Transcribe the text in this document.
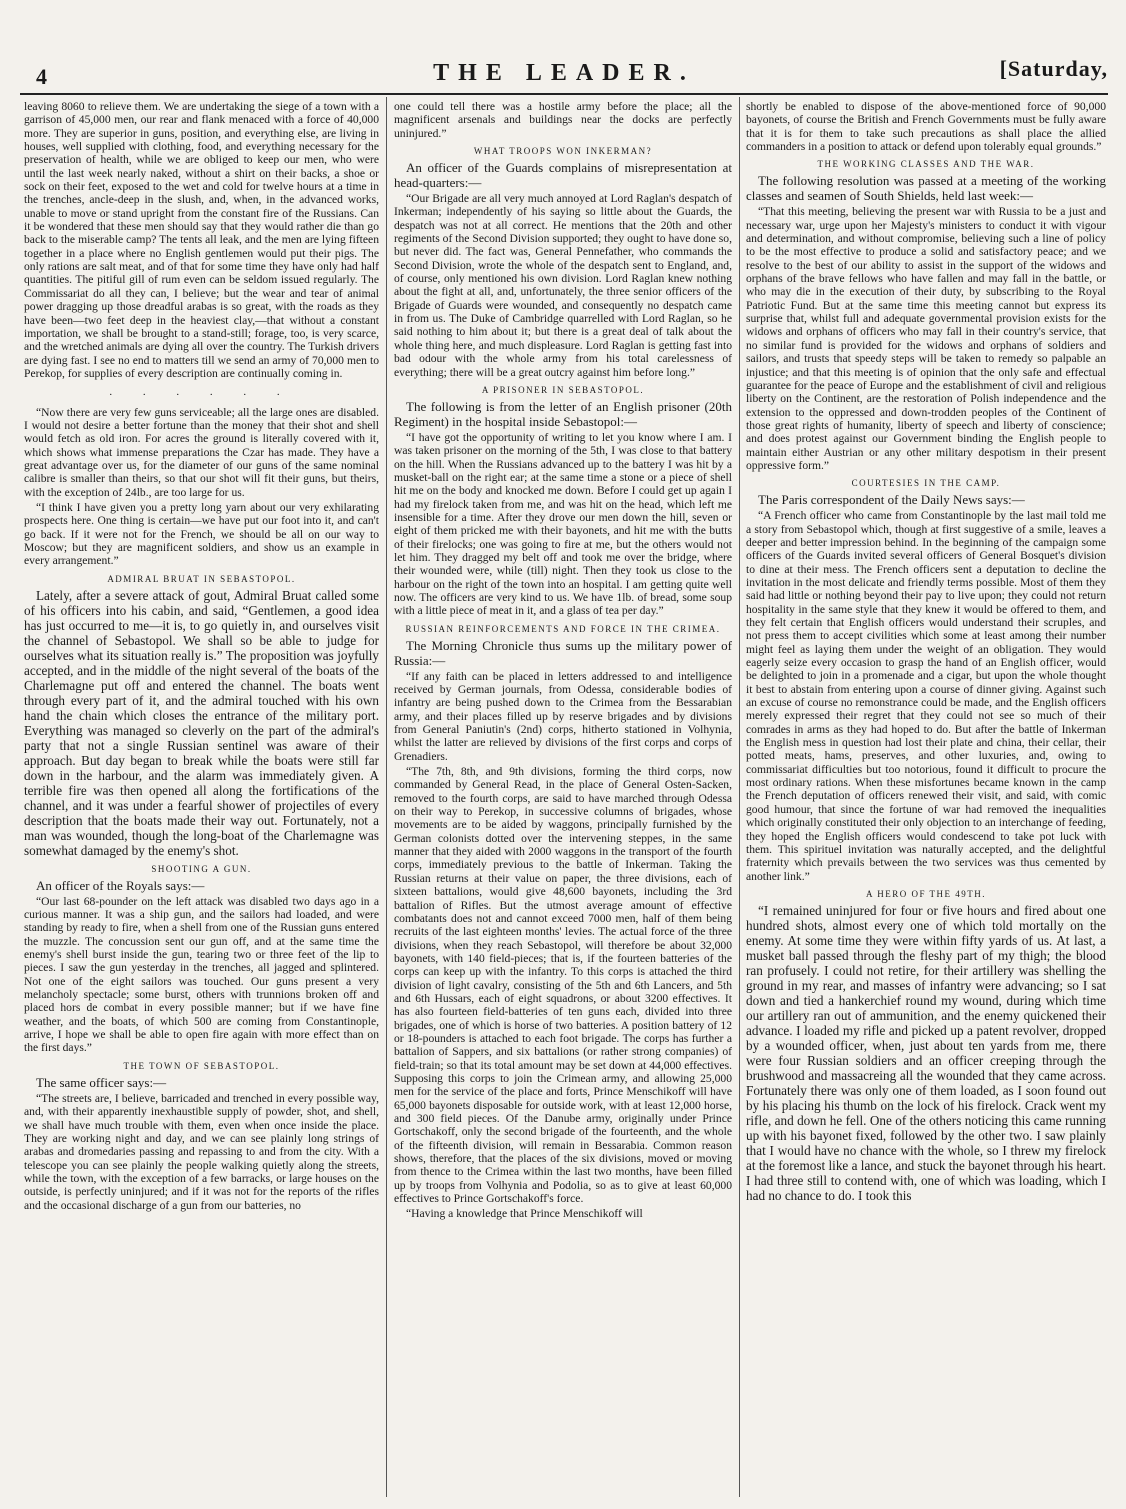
4	THE LEADER.	[Saturday,

leaving 8060 to relieve them. We are undertaking the siege of a town with a garrison of 45,000 men, our rear and flank menaced with a force of 40,000 more. They are superior in guns, position, and everything else, are living in houses, well supplied with clothing, food, and everything necessary for the preservation of health, while we are obliged to keep our men, who were until the last week nearly naked, without a shirt on their backs, a shoe or sock on their feet, exposed to the wet and cold for twelve hours at a time in the trenches, ancle-deep in the slush, and, when, in the advanced works, unable to move or stand upright from the constant fire of the Russians. Can it be wondered that these men should say that they would rather die than go back to the miserable camp? The tents all leak, and the men are lying fifteen together in a place where no English gentlemen would put their pigs. The only rations are salt meat, and of that for some time they have only had half quantities. The pitiful gill of rum even can be seldom issued regularly. The Commissariat do all they can, I believe; but the wear and tear of animal power dragging up those dreadful arabas is so great, with the roads as they have been—two feet deep in the heaviest clay,—that without a constant importation, we shall be brought to a stand-still; forage, too, is very scarce, and the wretched animals are dying all over the country. The Turkish drivers are dying fast. I see no end to matters till we send an army of 70,000 men to Perekop, for supplies of every description are continually coming in.

. . . . . .

“Now there are very few guns serviceable; all the large ones are disabled. I would not desire a better fortune than the money that their shot and shell would fetch as old iron. For acres the ground is literally covered with it, which shows what immense preparations the Czar has made. They have a great advantage over us, for the diameter of our guns of the same nominal calibre is smaller than theirs, so that our shot will fit their guns, but theirs, with the exception of 24lb., are too large for us.

“I think I have given you a pretty long yarn about our very exhilarating prospects here. One thing is certain—we have put our foot into it, and can't go back. If it were not for the French, we should be all on our way to Moscow; but they are magnificent soldiers, and show us an example in every arrangement.”

ADMIRAL BRUAT IN SEBASTOPOL.

Lately, after a severe attack of gout, Admiral Bruat called some of his officers into his cabin, and said, “Gentlemen, a good idea has just occurred to me—it is, to go quietly in, and ourselves visit the channel of Sebastopol. We shall so be able to judge for ourselves what its situation really is.” The proposition was joyfully accepted, and in the middle of the night several of the boats of the Charlemagne put off and entered the channel. The boats went through every part of it, and the admiral touched with his own hand the chain which closes the entrance of the military port. Everything was managed so cleverly on the part of the admiral's party that not a single Russian sentinel was aware of their approach. But day began to break while the boats were still far down in the harbour, and the alarm was immediately given. A terrible fire was then opened all along the fortifications of the channel, and it was under a fearful shower of projectiles of every description that the boats made their way out. Fortunately, not a man was wounded, though the long-boat of the Charlemagne was somewhat damaged by the enemy's shot.

SHOOTING A GUN.

An officer of the Royals says:—

“Our last 68-pounder on the left attack was disabled two days ago in a curious manner. It was a ship gun, and the sailors had loaded, and were standing by ready to fire, when a shell from one of the Russian guns entered the muzzle. The concussion sent our gun off, and at the same time the enemy's shell burst inside the gun, tearing two or three feet of the lip to pieces. I saw the gun yesterday in the trenches, all jagged and splintered. Not one of the eight sailors was touched. Our guns present a very melancholy spectacle; some burst, others with trunnions broken off and placed hors de combat in every possible manner; but if we have fine weather, and the boats, of which 500 are coming from Constantinople, arrive, I hope we shall be able to open fire again with more effect than on the first days.”

THE TOWN OF SEBASTOPOL.

The same officer says:—

“The streets are, I believe, barricaded and trenched in every possible way, and, with their apparently inexhaustible supply of powder, shot, and shell, we shall have much trouble with them, even when once inside the place. They are working night and day, and we can see plainly long strings of arabas and dromedaries passing and repassing to and from the city. With a telescope you can see plainly the people walking quietly along the streets, while the town, with the exception of a few barracks, or large houses on the outside, is perfectly uninjured; and if it was not for the reports of the rifles and the occasional discharge of a gun from our batteries, no

one could tell there was a hostile army before the place; all the magnificent arsenals and buildings near the docks are perfectly uninjured.”

WHAT TROOPS WON INKERMAN?

An officer of the Guards complains of misrepresentation at head-quarters:—

“Our Brigade are all very much annoyed at Lord Raglan's despatch of Inkerman; independently of his saying so little about the Guards, the despatch was not at all correct. He mentions that the 20th and other regiments of the Second Division supported; they ought to have done so, but never did. The fact was, General Pennefather, who commands the Second Division, wrote the whole of the despatch sent to England, and, of course, only mentioned his own division. Lord Raglan knew nothing about the fight at all, and, unfortunately, the three senior officers of the Brigade of Guards were wounded, and consequently no despatch came in from us. The Duke of Cambridge quarrelled with Lord Raglan, so he said nothing to him about it; but there is a great deal of talk about the whole thing here, and much displeasure. Lord Raglan is getting fast into bad odour with the whole army from his total carelessness of everything; there will be a great outcry against him before long.”

A PRISONER IN SEBASTOPOL.

The following is from the letter of an English prisoner (20th Regiment) in the hospital inside Sebastopol:—

“I have got the opportunity of writing to let you know where I am. I was taken prisoner on the morning of the 5th, I was close to that battery on the hill. When the Russians advanced up to the battery I was hit by a musket-ball on the right ear; at the same time a stone or a piece of shell hit me on the body and knocked me down. Before I could get up again I had my firelock taken from me, and was hit on the head, which left me insensible for a time. After they drove our men down the hill, seven or eight of them pricked me with their bayonets, and hit me with the butts of their firelocks; one was going to fire at me, but the others would not let him. They dragged my belt off and took me over the bridge, where their wounded were, while (till) night. Then they took us close to the harbour on the right of the town into an hospital. I am getting quite well now. The officers are very kind to us. We have 1lb. of bread, some soup with a little piece of meat in it, and a glass of tea per day.”

RUSSIAN REINFORCEMENTS AND FORCE IN THE CRIMEA.

The Morning Chronicle thus sums up the military power of Russia:—

“If any faith can be placed in letters addressed to and intelligence received by German journals, from Odessa, considerable bodies of infantry are being pushed down to the Crimea from the Bessarabian army, and their places filled up by reserve brigades and by divisions from General Paniutin's (2nd) corps, hitherto stationed in Volhynia, whilst the latter are relieved by divisions of the first corps and corps of Grenadiers.

“The 7th, 8th, and 9th divisions, forming the third corps, now commanded by General Read, in the place of General Osten-Sacken, removed to the fourth corps, are said to have marched through Odessa on their way to Perekop, in successive columns of brigades, whose movements are to be aided by waggons, principally furnished by the German colonists dotted over the intervening steppes, in the same manner that they aided with 2000 waggons in the transport of the fourth corps, immediately previous to the battle of Inkerman. Taking the Russian returns at their value on paper, the three divisions, each of sixteen battalions, would give 48,600 bayonets, including the 3rd battalion of Rifles. But the utmost average amount of effective combatants does not and cannot exceed 7000 men, half of them being recruits of the last eighteen months' levies. The actual force of the three divisions, when they reach Sebastopol, will therefore be about 32,000 bayonets, with 140 field-pieces; that is, if the fourteen batteries of the corps can keep up with the infantry. To this corps is attached the third division of light cavalry, consisting of the 5th and 6th Lancers, and 5th and 6th Hussars, each of eight squadrons, or about 3200 effectives. It has also fourteen field-batteries of ten guns each, divided into three brigades, one of which is horse of two batteries. A position battery of 12 or 18-pounders is attached to each foot brigade. The corps has further a battalion of Sappers, and six battalions (or rather strong companies) of field-train; so that its total amount may be set down at 44,000 effectives. Supposing this corps to join the Crimean army, and allowing 25,000 men for the service of the place and forts, Prince Menschikoff will have 65,000 bayonets disposable for outside work, with at least 12,000 horse, and 300 field pieces. Of the Danube army, originally under Prince Gortschakoff, only the second brigade of the fourteenth, and the whole of the fifteenth division, will remain in Bessarabia. Common reason shows, therefore, that the places of the six divisions, moved or moving from thence to the Crimea within the last two months, have been filled up by troops from Volhynia and Podolia, so as to give at least 60,000 effectives to Prince Gortschakoff's force.

“Having a knowledge that Prince Menschikoff will

shortly be enabled to dispose of the above-mentioned force of 90,000 bayonets, of course the British and French Governments must be fully aware that it is for them to take such precautions as shall place the allied commanders in a position to attack or defend upon tolerably equal grounds.”

THE WORKING CLASSES AND THE WAR.

The following resolution was passed at a meeting of the working classes and seamen of South Shields, held last week:—

“That this meeting, believing the present war with Russia to be a just and necessary war, urge upon her Majesty's ministers to conduct it with vigour and determination, and without compromise, believing such a line of policy to be the most effective to produce a solid and satisfactory peace; and we resolve to the best of our ability to assist in the support of the widows and orphans of the brave fellows who have fallen and may fall in the battle, or who may die in the execution of their duty, by subscribing to the Royal Patriotic Fund. But at the same time this meeting cannot but express its surprise that, whilst full and adequate governmental provision exists for the widows and orphans of officers who may fall in their country's service, that no similar fund is provided for the widows and orphans of soldiers and sailors, and trusts that speedy steps will be taken to remedy so palpable an injustice; and that this meeting is of opinion that the only safe and effectual guarantee for the peace of Europe and the establishment of civil and religious liberty on the Continent, are the restoration of Polish independence and the extension to the oppressed and down-trodden peoples of the Continent of those great rights of humanity, liberty of speech and liberty of conscience; and does protest against our Government binding the English people to maintain either Austrian or any other military despotism in their present oppressive form.”

COURTESIES IN THE CAMP.

The Paris correspondent of the Daily News says:—

“A French officer who came from Constantinople by the last mail told me a story from Sebastopol which, though at first suggestive of a smile, leaves a deeper and better impression behind. In the beginning of the campaign some officers of the Guards invited several officers of General Bosquet's division to dine at their mess. The French officers sent a deputation to decline the invitation in the most delicate and friendly terms possible. Most of them they said had little or nothing beyond their pay to live upon; they could not return hospitality in the same style that they knew it would be offered to them, and they felt certain that English officers would understand their scruples, and not press them to accept civilities which some at least among their number might feel as laying them under the weight of an obligation. They would eagerly seize every occasion to grasp the hand of an English officer, would be delighted to join in a promenade and a cigar, but upon the whole thought it best to abstain from entering upon a course of dinner giving. Against such an excuse of course no remonstrance could be made, and the English officers merely expressed their regret that they could not see so much of their comrades in arms as they had hoped to do. But after the battle of Inkerman the English mess in question had lost their plate and china, their cellar, their potted meats, hams, preserves, and other luxuries, and, owing to commissariat difficulties but too notorious, found it difficult to procure the most ordinary rations. When these misfortunes became known in the camp the French deputation of officers renewed their visit, and said, with comic good humour, that since the fortune of war had removed the inequalities which originally constituted their only objection to an interchange of feeding, they hoped the English officers would condescend to take pot luck with them. This spirituel invitation was naturally accepted, and the delightful fraternity which prevails between the two services was thus cemented by another link.”

A HERO OF THE 49TH.

“I remained uninjured for four or five hours and fired about one hundred shots, almost every one of which told mortally on the enemy. At some time they were within fifty yards of us. At last, a musket ball passed through the fleshy part of my thigh; the blood ran profusely. I could not retire, for their artillery was shelling the ground in my rear, and masses of infantry were advancing; so I sat down and tied a hankerchief round my wound, during which time our artillery ran out of ammunition, and the enemy quickened their advance. I loaded my rifle and picked up a patent revolver, dropped by a wounded officer, when, just about ten yards from me, there were four Russian soldiers and an officer creeping through the brushwood and massacreing all the wounded that they came across. Fortunately there was only one of them loaded, as I soon found out by his placing his thumb on the lock of his firelock. Crack went my rifle, and down he fell. One of the others noticing this came running up with his bayonet fixed, followed by the other two. I saw plainly that I would have no chance with the whole, so I threw my firelock at the foremost like a lance, and stuck the bayonet through his heart. I had three still to contend with, one of which was loading, which I had no chance to do. I took this
